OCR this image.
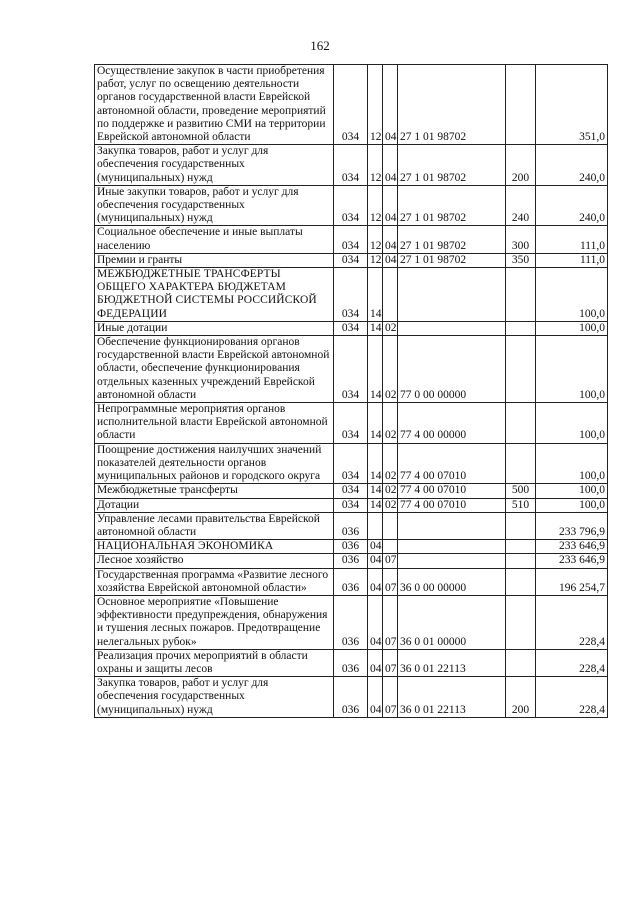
162
Осуществление закупок в части приобретения работ, услуг по освещению деятельности органов государственной власти Еврейской автономной области, проведение мероприятий по поддержке и развитию СМИ на территории Еврейской автономной области	034	12	04	27 1 01 98702		351,0
Закупка товаров, работ и услуг для обеспечения государственных (муниципальных) нужд	034	12	04	27 1 01 98702	200	240,0
Иные закупки товаров, работ и услуг для обеспечения государственных (муниципальных) нужд	034	12	04	27 1 01 98702	240	240,0
Социальное обеспечение и иные выплаты населению	034	12	04	27 1 01 98702	300	111,0
Премии и гранты	034	12	04	27 1 01 98702	350	111,0
МЕЖБЮДЖЕТНЫЕ ТРАНСФЕРТЫ ОБЩЕГО ХАРАКТЕРА БЮДЖЕТАМ БЮДЖЕТНОЙ СИСТЕМЫ РОССИЙСКОЙ ФЕДЕРАЦИИ	034	14				100,0
Иные дотации	034	14	02			100,0
Обеспечение функционирования органов государственной власти Еврейской автономной области, обеспечение функционирования отдельных казенных учреждений Еврейской автономной области	034	14	02	77 0 00 00000		100,0
Непрограммные мероприятия органов исполнительной власти Еврейской автономной области	034	14	02	77 4 00 00000		100,0
Поощрение достижения наилучших значений показателей деятельности органов муниципальных районов и городского округа	034	14	02	77 4 00 07010		100,0
Межбюджетные трансферты	034	14	02	77 4 00 07010	500	100,0
Дотации	034	14	02	77 4 00 07010	510	100,0
Управление лесами правительства Еврейской автономной области	036					233 796,9
НАЦИОНАЛЬНАЯ ЭКОНОМИКА	036	04				233 646,9
Лесное хозяйство	036	04	07			233 646,9
Государственная программа «Развитие лесного хозяйства Еврейской автономной области»	036	04	07	36 0 00 00000		196 254,7
Основное мероприятие «Повышение эффективности предупреждения, обнаружения и тушения лесных пожаров. Предотвращение нелегальных рубок»	036	04	07	36 0 01 00000		228,4
Реализация прочих мероприятий в области охраны и защиты лесов	036	04	07	36 0 01 22113		228,4
Закупка товаров, работ и услуг для обеспечения государственных (муниципальных) нужд	036	04	07	36 0 01 22113	200	228,4
